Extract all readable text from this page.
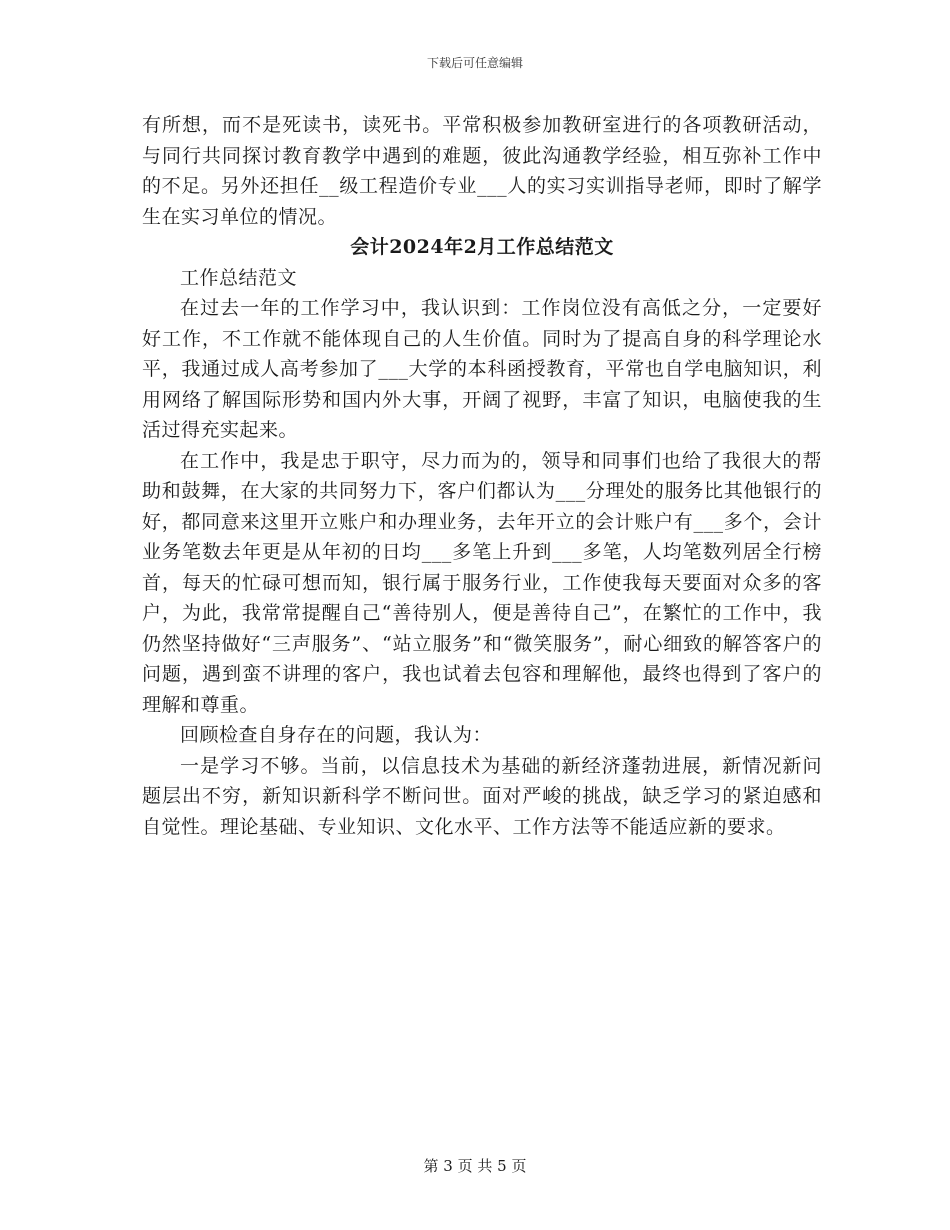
下载后可任意编辑

有所想，而不是死读书，读死书。平常积极参加教研室进行的各项教研活动，与同行共同探讨教育教学中遇到的难题，彼此沟通教学经验，相互弥补工作中的不足。另外还担任__级工程造价专业___人的实习实训指导老师，即时了解学生在实习单位的情况。

会计2024年2月工作总结范文

工作总结范文

在过去一年的工作学习中，我认识到：工作岗位没有高低之分，一定要好好工作，不工作就不能体现自己的人生价值。同时为了提高自身的科学理论水平，我通过成人高考参加了___大学的本科函授教育，平常也自学电脑知识，利用网络了解国际形势和国内外大事，开阔了视野，丰富了知识，电脑使我的生活过得充实起来。

在工作中，我是忠于职守，尽力而为的，领导和同事们也给了我很大的帮助和鼓舞，在大家的共同努力下，客户们都认为___分理处的服务比其他银行的好，都同意来这里开立账户和办理业务，去年开立的会计账户有___多个，会计业务笔数去年更是从年初的日均___多笔上升到___多笔，人均笔数列居全行榜首，每天的忙碌可想而知，银行属于服务行业，工作使我每天要面对众多的客户，为此，我常常提醒自己“善待别人，便是善待自己”，在繁忙的工作中，我仍然坚持做好“三声服务”、“站立服务”和“微笑服务”，耐心细致的解答客户的问题，遇到蛮不讲理的客户，我也试着去包容和理解他，最终也得到了客户的理解和尊重。

回顾检查自身存在的问题，我认为：

一是学习不够。当前，以信息技术为基础的新经济蓬勃进展，新情况新问题层出不穷，新知识新科学不断问世。面对严峻的挑战，缺乏学习的紧迫感和自觉性。理论基础、专业知识、文化水平、工作方法等不能适应新的要求。

第 3 页 共 5 页
